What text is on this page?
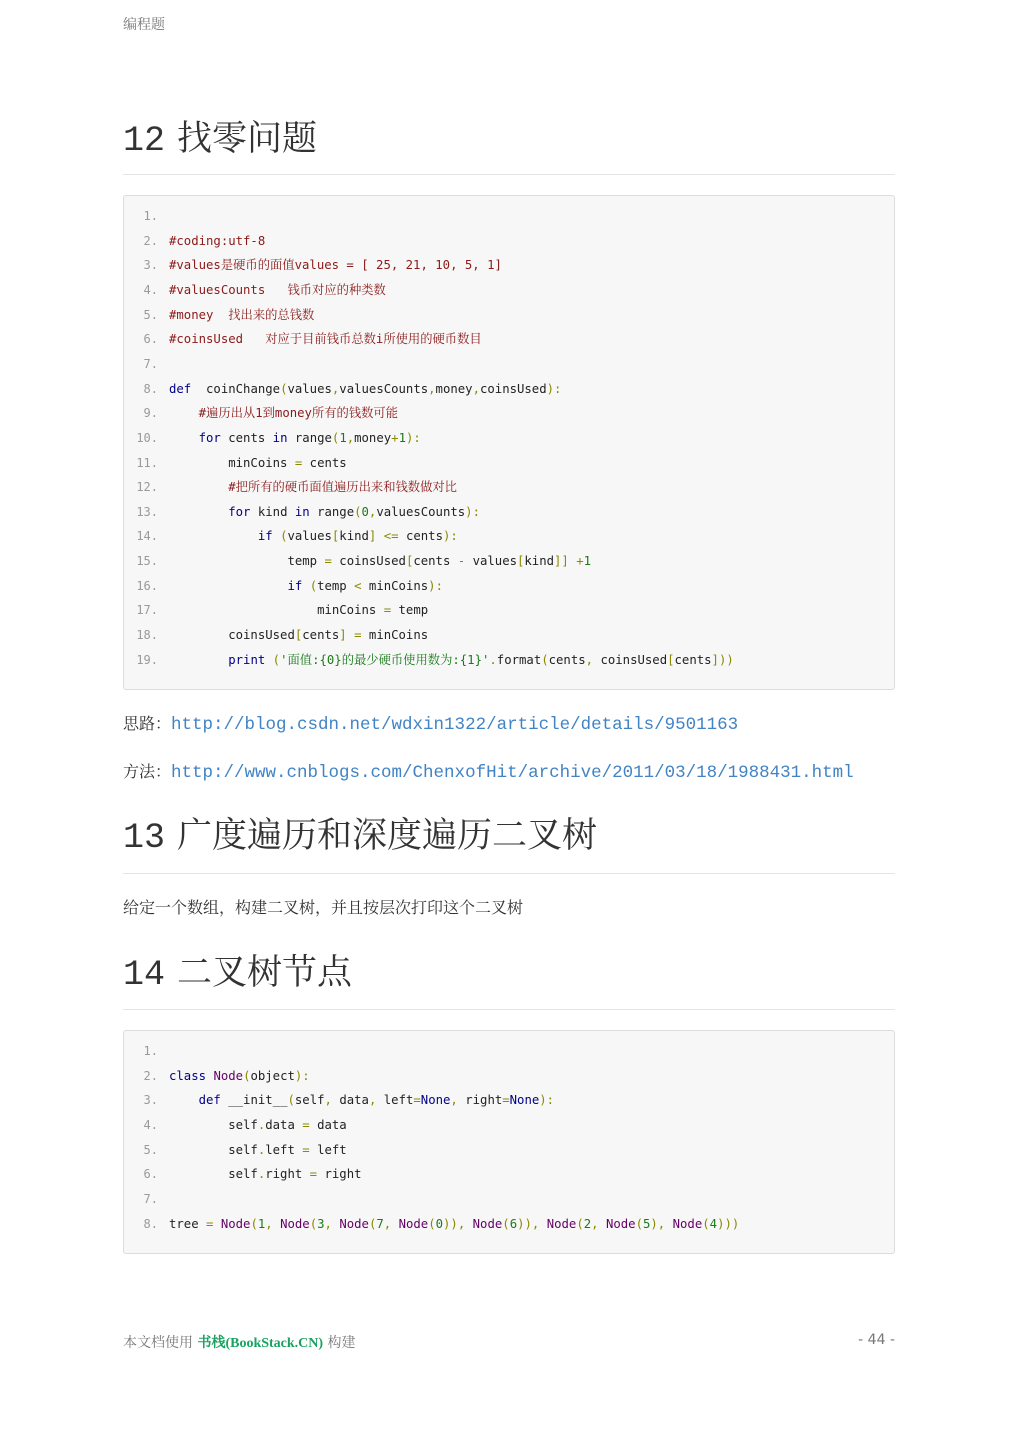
编程题
12 找零问题
1.
2. #coding:utf-8
3. #values是硬币的面值values = [ 25, 21, 10, 5, 1]
4. #valuesCounts   钱币对应的种类数
5. #money  找出来的总钱数
6. #coinsUsed   对应于目前钱币总数i所使用的硬币数目
7.
8. def  coinChange(values,valuesCounts,money,coinsUsed):
9.	#遍历出从1到money所有的钱数可能
10.	for cents in range(1,money+1):
11. minCoins = cents
12.	#把所有的硬币面值遍历出来和钱数做对比
13.	for kind in range(0,valuesCounts):
14.	if (values[kind] <= cents):
15. temp = coinsUsed[cents - values[kind]] +1
16.	if (temp < minCoins):
17. minCoins = temp
18. coinsUsed[cents] = minCoins
19.	print ('面值:{0}的最少硬币使用数为:{1}'.format(cents, coinsUsed[cents]))
思路：http://blog.csdn.net/wdxin1322/article/details/9501163
方法：http://www.cnblogs.com/ChenxofHit/archive/2011/03/18/1988431.html
13 广度遍历和深度遍历二叉树
给定一个数组，构建二叉树，并且按层次打印这个二叉树
14 二叉树节点
1.
2. class Node(object):
3.	def __init__(self, data, left=None, right=None):
4. self.data = data
5. self.left = left
6. self.right = right
7.
8. tree = Node(1, Node(3, Node(7, Node(0)), Node(6)), Node(2, Node(5), Node(4)))
本文档使用 书栈(BookStack.CN) 构建	- 44 -
